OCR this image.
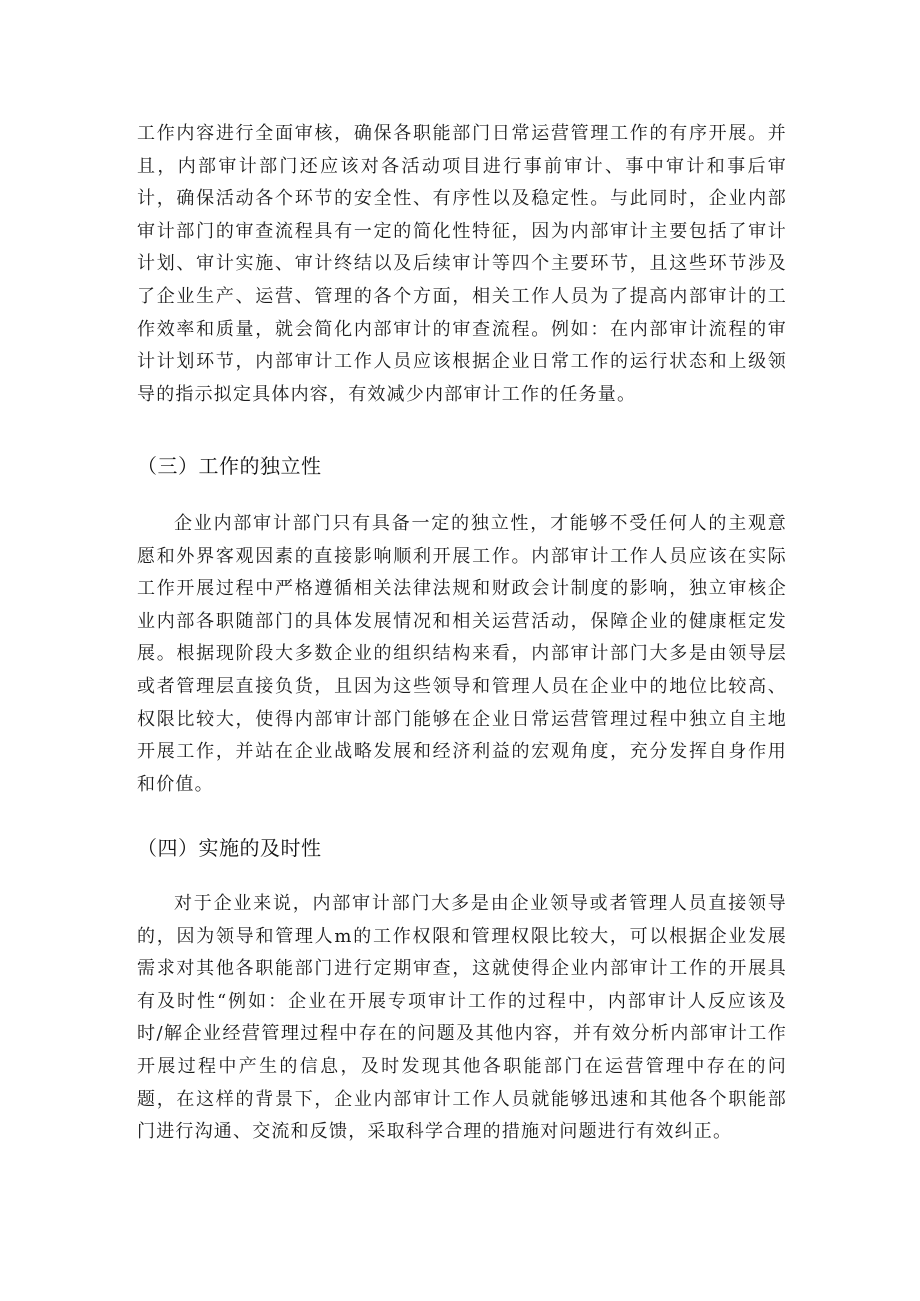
工作内容进行全面审核，确保各职能部门日常运营管理工作的有序开展。并且，内部审计部门还应该对各活动项目进行事前审计、事中审计和事后审计，确保活动各个环节的安全性、有序性以及稳定性。与此同时，企业内部审计部门的审查流程具有一定的简化性特征，因为内部审计主要包括了审计计划、审计实施、审计终结以及后续审计等四个主要环节，且这些环节涉及了企业生产、运营、管理的各个方面，相关工作人员为了提高内部审计的工作效率和质量，就会简化内部审计的审查流程。例如：在内部审计流程的审计计划环节，内部审计工作人员应该根据企业日常工作的运行状态和上级领导的指示拟定具体内容，有效减少内部审计工作的任务量。

（三）工作的独立性

企业内部审计部门只有具备一定的独立性，才能够不受任何人的主观意愿和外界客观因素的直接影响顺利开展工作。内部审计工作人员应该在实际工作开展过程中严格遵循相关法律法规和财政会计制度的影响，独立审核企业内部各职随部门的具体发展情况和相关运营活动，保障企业的健康框定发展。根据现阶段大多数企业的组织结构来看，内部审计部门大多是由领导层或者管理层直接负货，且因为这些领导和管理人员在企业中的地位比较高、权限比较大，使得内部审计部门能够在企业日常运营管理过程中独立自主地开展工作，并站在企业战略发展和经济利益的宏观角度，充分发挥自身作用和价值。

（四）实施的及时性

对于企业来说，内部审计部门大多是由企业领导或者管理人员直接领导的，因为领导和管理人m的工作权限和管理权限比较大，可以根据企业发展需求对其他各职能部门进行定期审查，这就使得企业内部审计工作的开展具有及时性“例如：企业在开展专项审计工作的过程中，内部审计人反应该及时/解企业经营管理过程中存在的问题及其他内容，并有效分析内部审计工作开展过程中产生的信息，及时发现其他各职能部门在运营管理中存在的问题，在这样的背景下，企业内部审计工作人员就能够迅速和其他各个职能部门进行沟通、交流和反馈，采取科学合理的措施对问题进行有效纠正。
